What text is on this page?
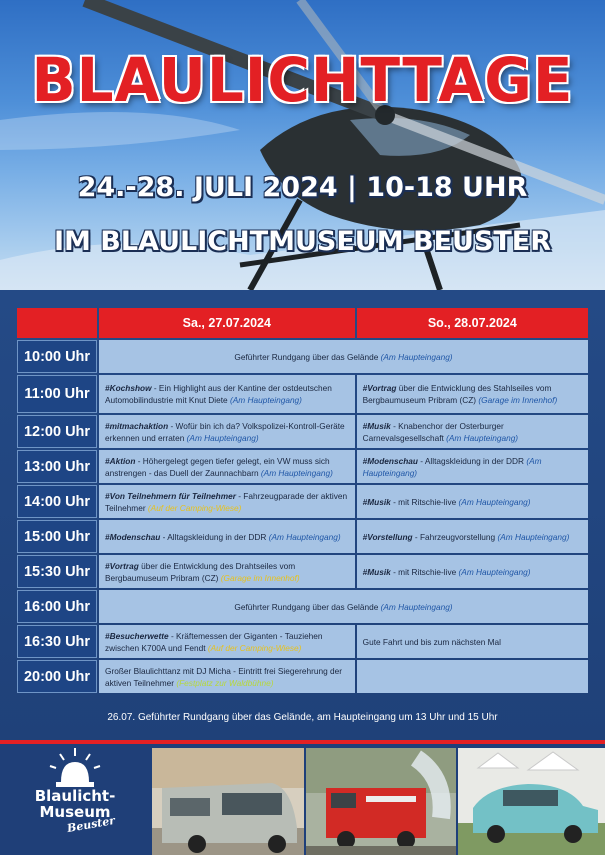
BLAULICHTTAGE
24.-28. JULI 2024 | 10-18 UHR
IM BLAULICHTMUSEUM BEUSTER
	Sa., 27.07.2024	So., 28.07.2024
10:00 Uhr	Geführter Rundgang über das Gelände (Am Haupteingang)	
11:00 Uhr	#Kochshow - Ein Highlight aus der Kantine der ostdeutschen Automobilindustrie mit Knut Diete (Am Haupteingang)	#Vortrag über die Entwicklung des Stahlseiles vom Bergbaumuseum Pribram (CZ) (Garage im Innenhof)
12:00 Uhr	#mitmachaktion - Wofür bin ich da? Volkspolizei-Kontroll-Geräte erkennen und erraten (Am Haupteingang)	#Musik - Knabenchor der Osterburger Carnevalsgesellschaft (Am Haupteingang)
13:00 Uhr	#Aktion - Höhergelegt gegen tiefer gelegt, ein VW muss sich anstrengen - das Duell der Zaunnachbarn (Am Haupteingang)	#Modenschau - Alltagskleidung in der DDR (Am Haupteingang)
14:00 Uhr	#Von Teilnehmern für Teilnehmer - Fahrzeugparade der aktiven Teilnehmer (Auf der Camping-Wiese)	#Musik - mit Ritschie-live (Am Haupteingang)
15:00 Uhr	#Modenschau - Alltagskleidung in der DDR (Am Haupteingang)	#Vorstellung - Fahrzeugvorstellung (Am Haupteingang)
15:30 Uhr	#Vortrag über die Entwicklung des Drahtseiles vom Bergbaumuseum Pribram (CZ) (Garage im Innenhof)	#Musik - mit Ritschie-live (Am Haupteingang)
16:00 Uhr	Geführter Rundgang über das Gelände (Am Haupteingang)	
16:30 Uhr	#Besucherwette - Kräftemessen der Giganten - Tauziehen zwischen K700A und Fendt (Auf der Camping-Wiese)	Gute Fahrt und bis zum nächsten Mal
20:00 Uhr	Großer Blaulichttanz mit DJ Micha - Eintritt frei Siegerehrung der aktiven Teilnehmer (Festplatz zur Waldbühne)	
26.07. Geführter Rundgang über das Gelände, am Haupteingang um 13 Uhr und 15 Uhr
Blaulicht-
Museum
Beuster
